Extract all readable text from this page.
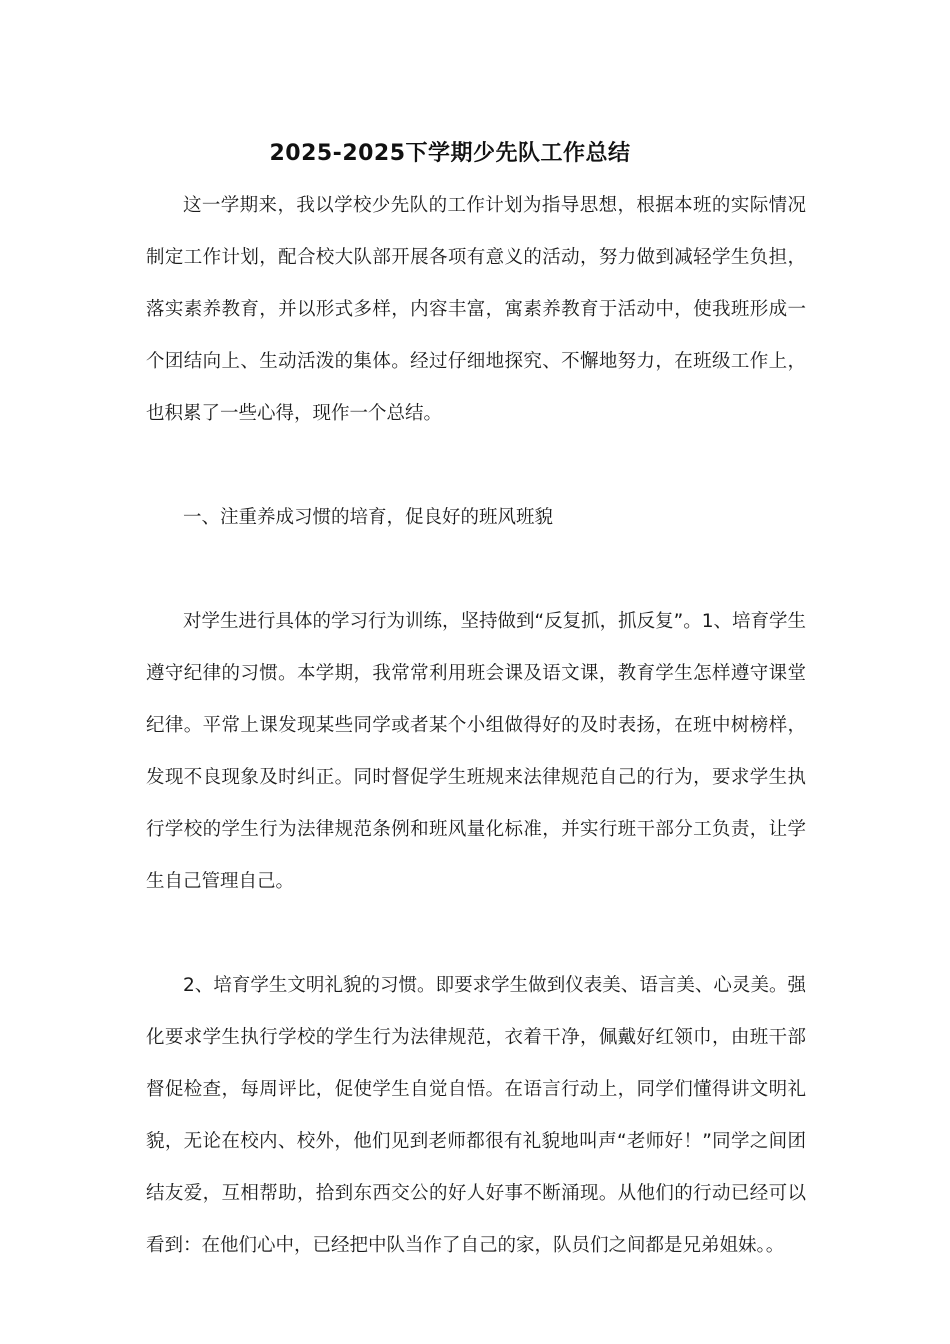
2025-2025下学期少先队工作总结

这一学期来，我以学校少先队的工作计划为指导思想，根据本班的实际情况制定工作计划，配合校大队部开展各项有意义的活动，努力做到减轻学生负担，落实素养教育，并以形式多样，内容丰富，寓素养教育于活动中，使我班形成一个团结向上、生动活泼的集体。经过仔细地探究、不懈地努力，在班级工作上，也积累了一些心得，现作一个总结。

一、注重养成习惯的培育，促良好的班风班貌

对学生进行具体的学习行为训练，坚持做到“反复抓，抓反复”。1、培育学生遵守纪律的习惯。本学期，我常常利用班会课及语文课，教育学生怎样遵守课堂纪律。平常上课发现某些同学或者某个小组做得好的及时表扬，在班中树榜样，发现不良现象及时纠正。同时督促学生班规来法律规范自己的行为，要求学生执行学校的学生行为法律规范条例和班风量化标准，并实行班干部分工负责，让学生自己管理自己。

2、培育学生文明礼貌的习惯。即要求学生做到仪表美、语言美、心灵美。强化要求学生执行学校的学生行为法律规范，衣着干净，佩戴好红领巾，由班干部督促检查，每周评比，促使学生自觉自悟。在语言行动上，同学们懂得讲文明礼貌，无论在校内、校外，他们见到老师都很有礼貌地叫声“老师好！”同学之间团结友爱，互相帮助，拾到东西交公的好人好事不断涌现。从他们的行动已经可以看到：在他们心中，已经把中队当作了自己的家，队员们之间都是兄弟姐妹。。
